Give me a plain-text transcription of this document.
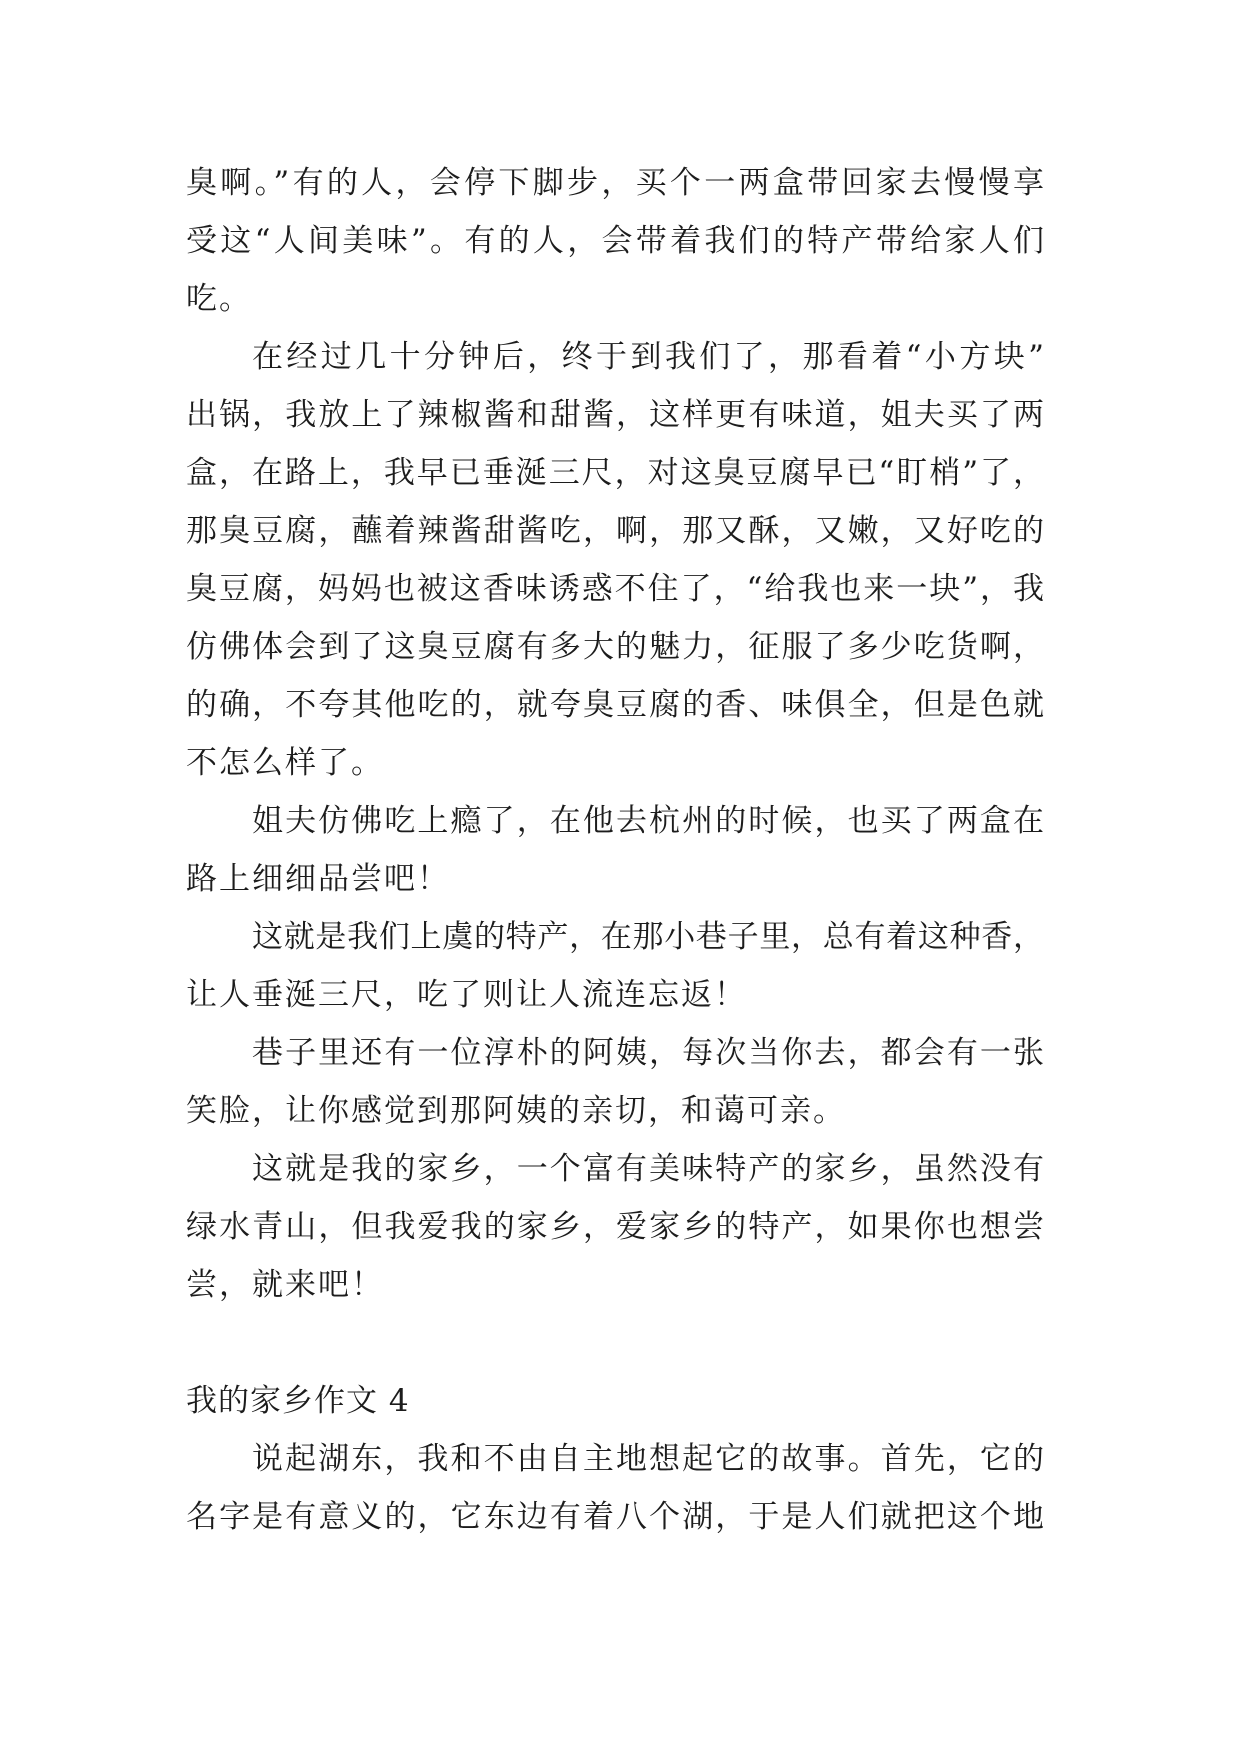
臭啊。”有的人，会停下脚步，买个一两盒带回家去慢慢享
受这“人间美味”。有的人，会带着我们的特产带给家人们
吃。
在经过几十分钟后，终于到我们了，那看着“小方块”
出锅，我放上了辣椒酱和甜酱，这样更有味道，姐夫买了两
盒，在路上，我早已垂涎三尺，对这臭豆腐早已“盯梢”了，
那臭豆腐，蘸着辣酱甜酱吃，啊，那又酥，又嫩，又好吃的
臭豆腐，妈妈也被这香味诱惑不住了，“给我也来一块”，我
仿佛体会到了这臭豆腐有多大的魅力，征服了多少吃货啊，
的确，不夸其他吃的，就夸臭豆腐的香、味俱全，但是色就
不怎么样了。
姐夫仿佛吃上瘾了，在他去杭州的时候，也买了两盒在
路上细细品尝吧！
这就是我们上虞的特产，在那小巷子里，总有着这种香，
让人垂涎三尺，吃了则让人流连忘返！
巷子里还有一位淳朴的阿姨，每次当你去，都会有一张
笑脸，让你感觉到那阿姨的亲切，和蔼可亲。
这就是我的家乡，一个富有美味特产的家乡，虽然没有
绿水青山，但我爱我的家乡，爱家乡的特产，如果你也想尝
尝，就来吧！
我的家乡作文 4
说起湖东，我和不由自主地想起它的故事。首先，它的
名字是有意义的，它东边有着八个湖，于是人们就把这个地
